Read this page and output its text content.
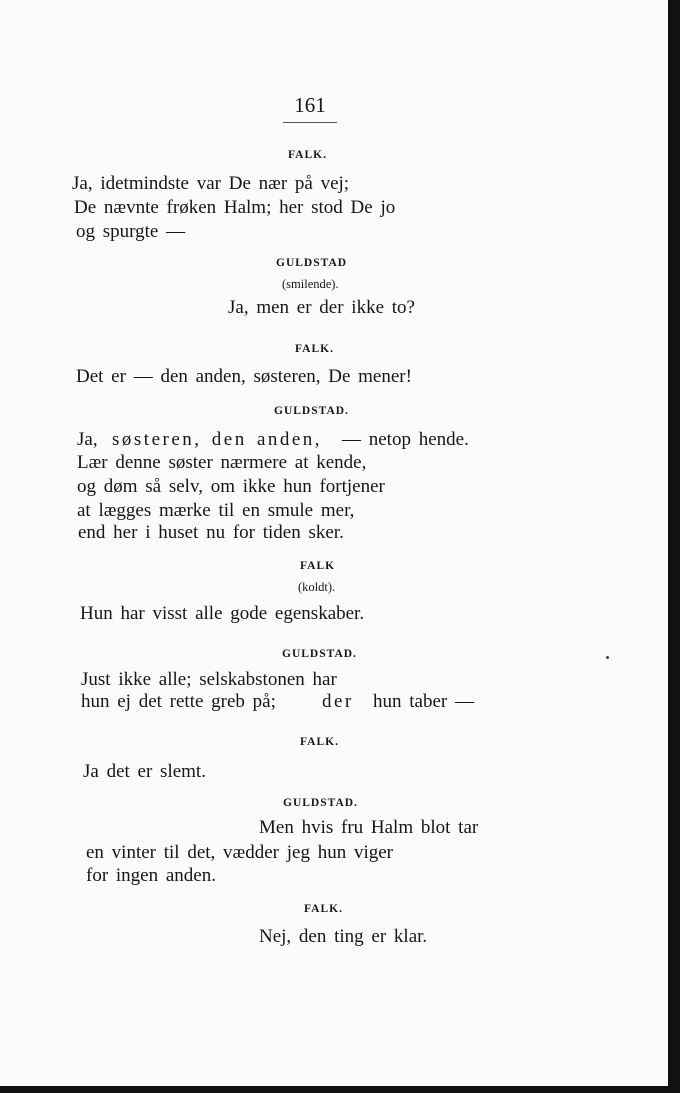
161
FALK.
Ja, idetmindste var De nær på vej;
De nævnte frøken Halm; her stod De jo
og spurgte —
GULDSTAD
(smilende).
Ja, men er der ikke to?
FALK.
Det er — den anden, søsteren, De mener!
GULDSTAD.
Ja, søsteren, den anden, — netop hende.
Lær denne søster nærmere at kende,
og døm så selv, om ikke hun fortjener
at lægges mærke til en smule mer,
end her i huset nu for tiden sker.
FALK
(koldt).
Hun har visst alle gode egenskaber.
GULDSTAD.
Just ikke alle; selskabstonen har
hun ej det rette greb på; der hun taber —
FALK.
Ja det er slemt.
GULDSTAD.
Men hvis fru Halm blot tar
en vinter til det, vædder jeg hun viger
for ingen anden.
FALK.
Nej, den ting er klar.
